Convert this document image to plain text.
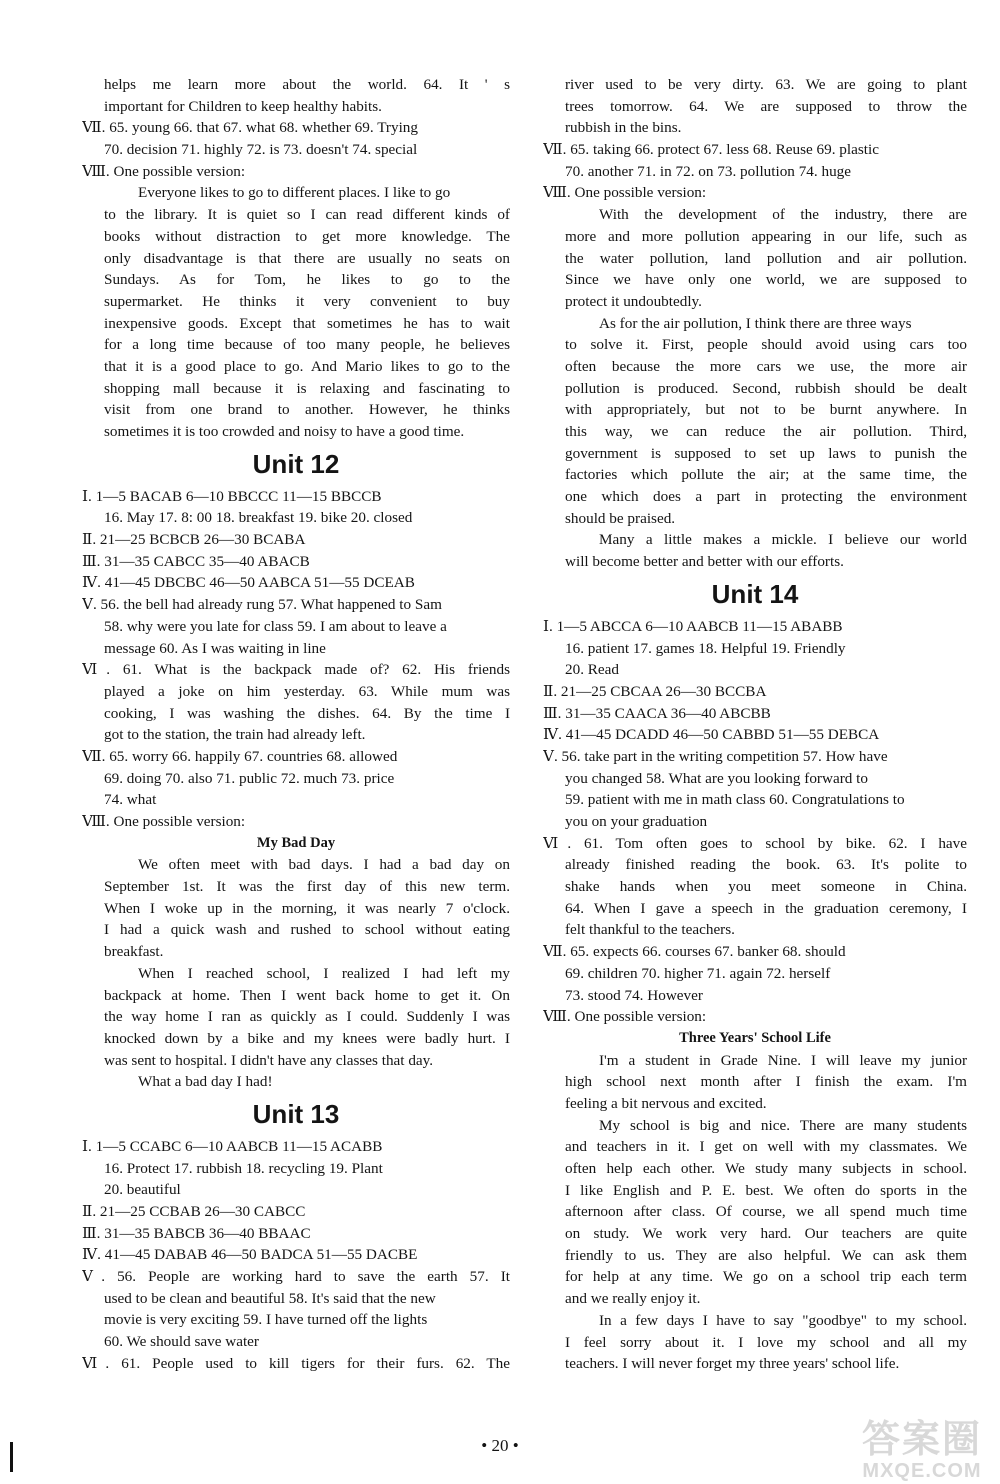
helps me learn more about the world. 64. It ' s
important for Children to keep healthy habits.
Ⅶ. 65. young 66. that 67. what 68. whether 69. Trying
70. decision 71. highly 72. is 73. doesn't 74. special
Ⅷ. One possible version:
Everyone likes to go to different places. I like to go
to the library. It is quiet so I can read different kinds of
books without distraction to get more knowledge. The
only disadvantage is that there are usually no seats on
Sundays. As for Tom, he likes to go to the
supermarket. He thinks it very convenient to buy
inexpensive goods. Except that sometimes he has to wait
for a long time because of too many people, he believes
that it is a good place to go. And Mario likes to go to the
shopping mall because it is relaxing and fascinating to
visit from one brand to another. However, he thinks
sometimes it is too crowded and noisy to have a good time.
Unit 12
Ⅰ. 1—5 BACAB 6—10 BBCCC 11—15 BBCCB
16. May 17. 8: 00 18. breakfast 19. bike 20. closed
Ⅱ. 21—25 BCBCB 26—30 BCABA
Ⅲ. 31—35 CABCC 35—40 ABACB
Ⅳ. 41—45 DBCBC 46—50 AABCA 51—55 DCEAB
Ⅴ. 56. the bell had already rung 57. What happened to Sam
58. why were you late for class 59. I am about to leave a
message 60. As I was waiting in line
Ⅵ. 61. What is the backpack made of? 62. His friends
played a joke on him yesterday. 63. While mum was
cooking, I was washing the dishes. 64. By the time I
got to the station, the train had already left.
Ⅶ. 65. worry 66. happily 67. countries 68. allowed
69. doing 70. also 71. public 72. much 73. price
74. what
Ⅷ. One possible version:
My Bad Day
We often meet with bad days. I had a bad day on
September 1st. It was the first day of this new term.
When I woke up in the morning, it was nearly 7 o'clock.
I had a quick wash and rushed to school without eating
breakfast.
When I reached school, I realized I had left my
backpack at home. Then I went back home to get it. On
the way home I ran as quickly as I could. Suddenly I was
knocked down by a bike and my knees were badly hurt. I
was sent to hospital. I didn't have any classes that day.
What a bad day I had!
Unit 13
Ⅰ. 1—5 CCABC 6—10 AABCB 11—15 ACABB
16. Protect 17. rubbish 18. recycling 19. Plant
20. beautiful
Ⅱ. 21—25 CCBAB 26—30 CABCC
Ⅲ. 31—35 BABCB 36—40 BBAAC
Ⅳ. 41—45 DABAB 46—50 BADCA 51—55 DACBE
Ⅴ. 56. People are working hard to save the earth 57. It
used to be clean and beautiful 58. It's said that the new
movie is very exciting 59. I have turned off the lights
60. We should save water
Ⅵ. 61. People used to kill tigers for their furs. 62. The
river used to be very dirty. 63. We are going to plant
trees tomorrow. 64. We are supposed to throw the
rubbish in the bins.
Ⅶ. 65. taking 66. protect 67. less 68. Reuse 69. plastic
70. another 71. in 72. on 73. pollution 74. huge
Ⅷ. One possible version:
With the development of the industry, there are
more and more pollution appearing in our life, such as
the water pollution, land pollution and air pollution.
Since we have only one world, we are supposed to
protect it undoubtedly.
As for the air pollution, I think there are three ways
to solve it. First, people should avoid using cars too
often because the more cars we use, the more air
pollution is produced. Second, rubbish should be dealt
with appropriately, but not to be burnt anywhere. In
this way, we can reduce the air pollution. Third,
government is supposed to set up laws to punish the
factories which pollute the air; at the same time, the
one which does a part in protecting the environment
should be praised.
Many a little makes a mickle. I believe our world
will become better and better with our efforts.
Unit 14
Ⅰ. 1—5 ABCCA 6—10 AABCB 11—15 ABABB
16. patient 17. games 18. Helpful 19. Friendly
20. Read
Ⅱ. 21—25 CBCAA 26—30 BCCBA
Ⅲ. 31—35 CAACA 36—40 ABCBB
Ⅳ. 41—45 DCADD 46—50 CABBD 51—55 DEBCA
Ⅴ. 56. take part in the writing competition 57. How have
you changed 58. What are you looking forward to
59. patient with me in math class 60. Congratulations to
you on your graduation
Ⅵ. 61. Tom often goes to school by bike. 62. I have
already finished reading the book. 63. It's polite to
shake hands when you meet someone in China.
64. When I gave a speech in the graduation ceremony, I
felt thankful to the teachers.
Ⅶ. 65. expects 66. courses 67. banker 68. should
69. children 70. higher 71. again 72. herself
73. stood 74. However
Ⅷ. One possible version:
Three Years' School Life
I'm a student in Grade Nine. I will leave my junior
high school next month after I finish the exam. I'm
feeling a bit nervous and excited.
My school is big and nice. There are many students
and teachers in it. I get on well with my classmates. We
often help each other. We study many subjects in school.
I like English and P. E. best. We often do sports in the
afternoon after class. Of course, we all spend much time
on study. We work very hard. Our teachers are quite
friendly to us. They are also helpful. We can ask them
for help at any time. We go on a school trip each term
and we really enjoy it.
In a few days I have to say "goodbye" to my school.
I feel sorry about it. I love my school and all my
teachers. I will never forget my three years' school life.
• 20 •	答案圈
MXQE.COM
